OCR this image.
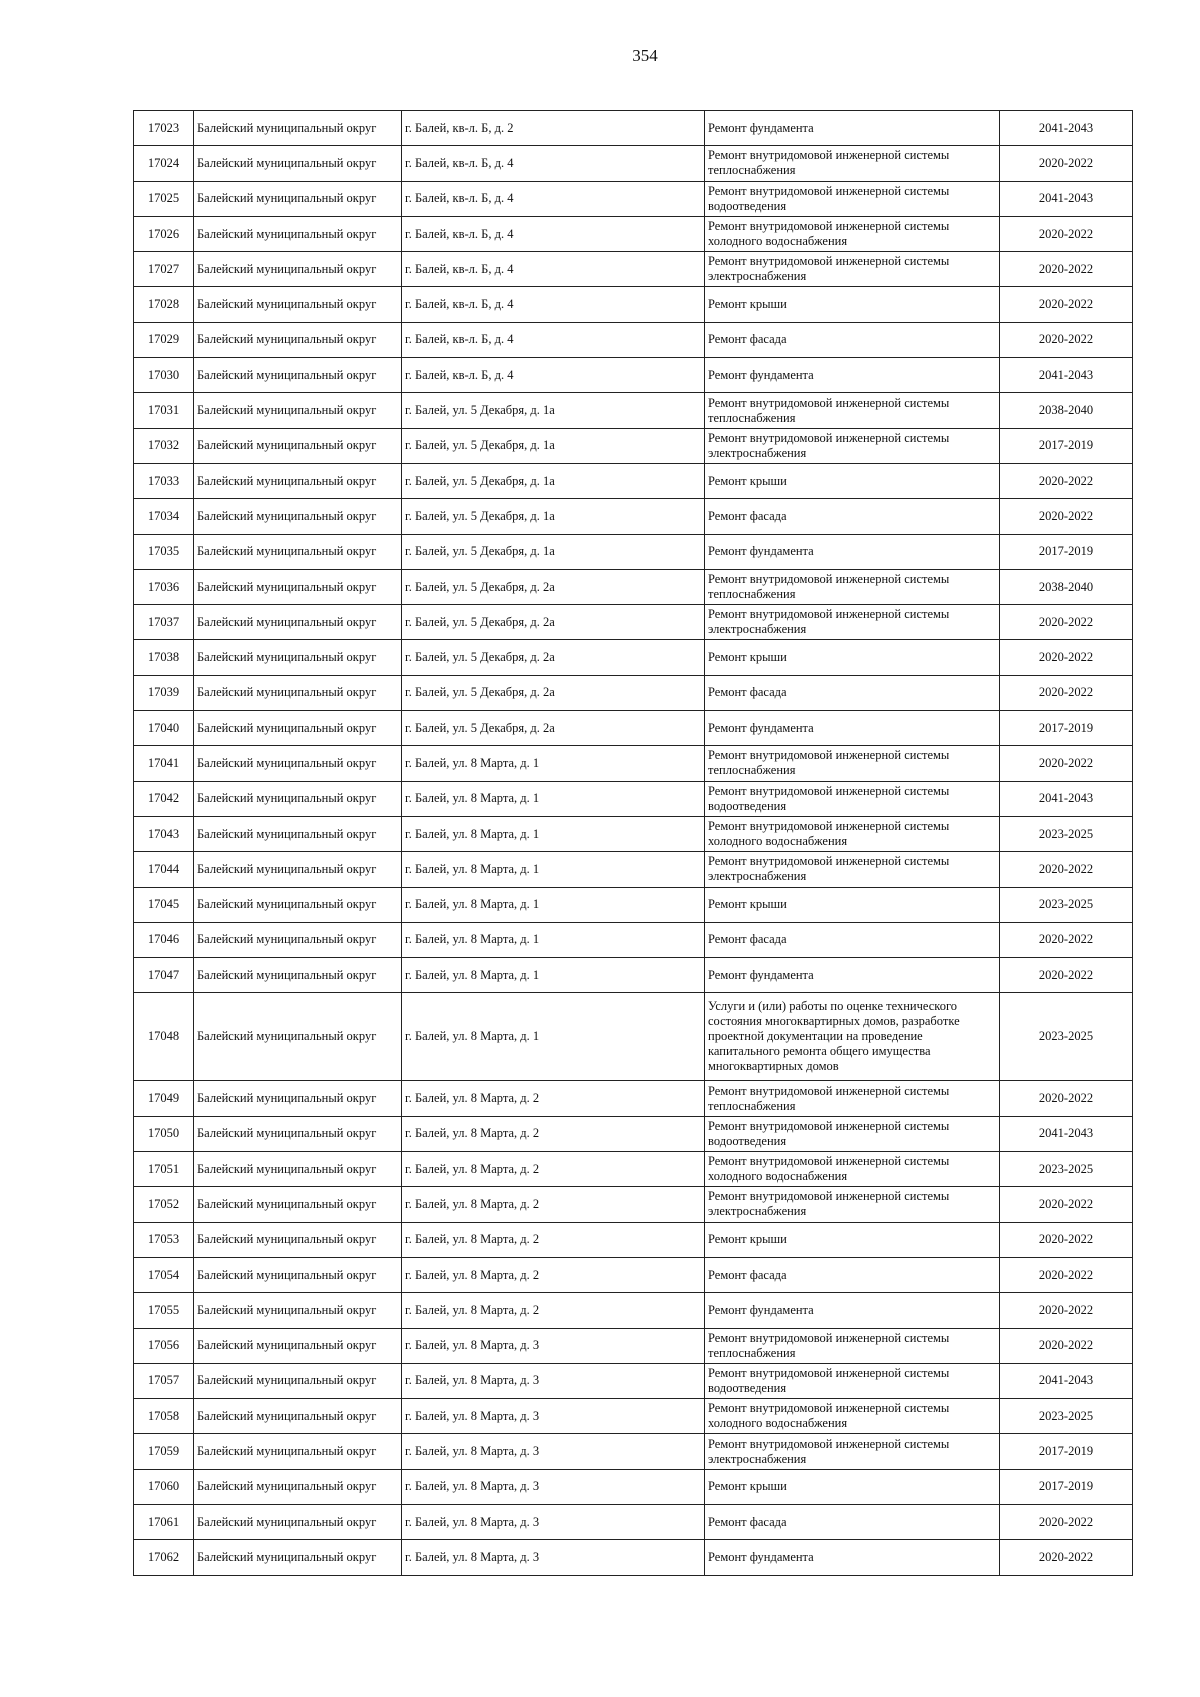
354
17023	Балейский муниципальный округ	г. Балей, кв-л. Б, д. 2	Ремонт фундамента	2041-2043
17024	Балейский муниципальный округ	г. Балей, кв-л. Б, д. 4	Ремонт внутридомовой инженерной системы теплоснабжения	2020-2022
17025	Балейский муниципальный округ	г. Балей, кв-л. Б, д. 4	Ремонт внутридомовой инженерной системы водоотведения	2041-2043
17026	Балейский муниципальный округ	г. Балей, кв-л. Б, д. 4	Ремонт внутридомовой инженерной системы холодного водоснабжения	2020-2022
17027	Балейский муниципальный округ	г. Балей, кв-л. Б, д. 4	Ремонт внутридомовой инженерной системы электроснабжения	2020-2022
17028	Балейский муниципальный округ	г. Балей, кв-л. Б, д. 4	Ремонт крыши	2020-2022
17029	Балейский муниципальный округ	г. Балей, кв-л. Б, д. 4	Ремонт фасада	2020-2022
17030	Балейский муниципальный округ	г. Балей, кв-л. Б, д. 4	Ремонт фундамента	2041-2043
17031	Балейский муниципальный округ	г. Балей, ул. 5 Декабря, д. 1а	Ремонт внутридомовой инженерной системы теплоснабжения	2038-2040
17032	Балейский муниципальный округ	г. Балей, ул. 5 Декабря, д. 1а	Ремонт внутридомовой инженерной системы электроснабжения	2017-2019
17033	Балейский муниципальный округ	г. Балей, ул. 5 Декабря, д. 1а	Ремонт крыши	2020-2022
17034	Балейский муниципальный округ	г. Балей, ул. 5 Декабря, д. 1а	Ремонт фасада	2020-2022
17035	Балейский муниципальный округ	г. Балей, ул. 5 Декабря, д. 1а	Ремонт фундамента	2017-2019
17036	Балейский муниципальный округ	г. Балей, ул. 5 Декабря, д. 2а	Ремонт внутридомовой инженерной системы теплоснабжения	2038-2040
17037	Балейский муниципальный округ	г. Балей, ул. 5 Декабря, д. 2а	Ремонт внутридомовой инженерной системы электроснабжения	2020-2022
17038	Балейский муниципальный округ	г. Балей, ул. 5 Декабря, д. 2а	Ремонт крыши	2020-2022
17039	Балейский муниципальный округ	г. Балей, ул. 5 Декабря, д. 2а	Ремонт фасада	2020-2022
17040	Балейский муниципальный округ	г. Балей, ул. 5 Декабря, д. 2а	Ремонт фундамента	2017-2019
17041	Балейский муниципальный округ	г. Балей, ул. 8 Марта, д. 1	Ремонт внутридомовой инженерной системы теплоснабжения	2020-2022
17042	Балейский муниципальный округ	г. Балей, ул. 8 Марта, д. 1	Ремонт внутридомовой инженерной системы водоотведения	2041-2043
17043	Балейский муниципальный округ	г. Балей, ул. 8 Марта, д. 1	Ремонт внутридомовой инженерной системы холодного водоснабжения	2023-2025
17044	Балейский муниципальный округ	г. Балей, ул. 8 Марта, д. 1	Ремонт внутридомовой инженерной системы электроснабжения	2020-2022
17045	Балейский муниципальный округ	г. Балей, ул. 8 Марта, д. 1	Ремонт крыши	2023-2025
17046	Балейский муниципальный округ	г. Балей, ул. 8 Марта, д. 1	Ремонт фасада	2020-2022
17047	Балейский муниципальный округ	г. Балей, ул. 8 Марта, д. 1	Ремонт фундамента	2020-2022
17048	Балейский муниципальный округ	г. Балей, ул. 8 Марта, д. 1	Услуги и (или) работы по оценке технического состояния многоквартирных домов, разработке проектной документации на проведение капитального ремонта общего имущества многоквартирных домов	2023-2025
17049	Балейский муниципальный округ	г. Балей, ул. 8 Марта, д. 2	Ремонт внутридомовой инженерной системы теплоснабжения	2020-2022
17050	Балейский муниципальный округ	г. Балей, ул. 8 Марта, д. 2	Ремонт внутридомовой инженерной системы водоотведения	2041-2043
17051	Балейский муниципальный округ	г. Балей, ул. 8 Марта, д. 2	Ремонт внутридомовой инженерной системы холодного водоснабжения	2023-2025
17052	Балейский муниципальный округ	г. Балей, ул. 8 Марта, д. 2	Ремонт внутридомовой инженерной системы электроснабжения	2020-2022
17053	Балейский муниципальный округ	г. Балей, ул. 8 Марта, д. 2	Ремонт крыши	2020-2022
17054	Балейский муниципальный округ	г. Балей, ул. 8 Марта, д. 2	Ремонт фасада	2020-2022
17055	Балейский муниципальный округ	г. Балей, ул. 8 Марта, д. 2	Ремонт фундамента	2020-2022
17056	Балейский муниципальный округ	г. Балей, ул. 8 Марта, д. 3	Ремонт внутридомовой инженерной системы теплоснабжения	2020-2022
17057	Балейский муниципальный округ	г. Балей, ул. 8 Марта, д. 3	Ремонт внутридомовой инженерной системы водоотведения	2041-2043
17058	Балейский муниципальный округ	г. Балей, ул. 8 Марта, д. 3	Ремонт внутридомовой инженерной системы холодного водоснабжения	2023-2025
17059	Балейский муниципальный округ	г. Балей, ул. 8 Марта, д. 3	Ремонт внутридомовой инженерной системы электроснабжения	2017-2019
17060	Балейский муниципальный округ	г. Балей, ул. 8 Марта, д. 3	Ремонт крыши	2017-2019
17061	Балейский муниципальный округ	г. Балей, ул. 8 Марта, д. 3	Ремонт фасада	2020-2022
17062	Балейский муниципальный округ	г. Балей, ул. 8 Марта, д. 3	Ремонт фундамента	2020-2022
